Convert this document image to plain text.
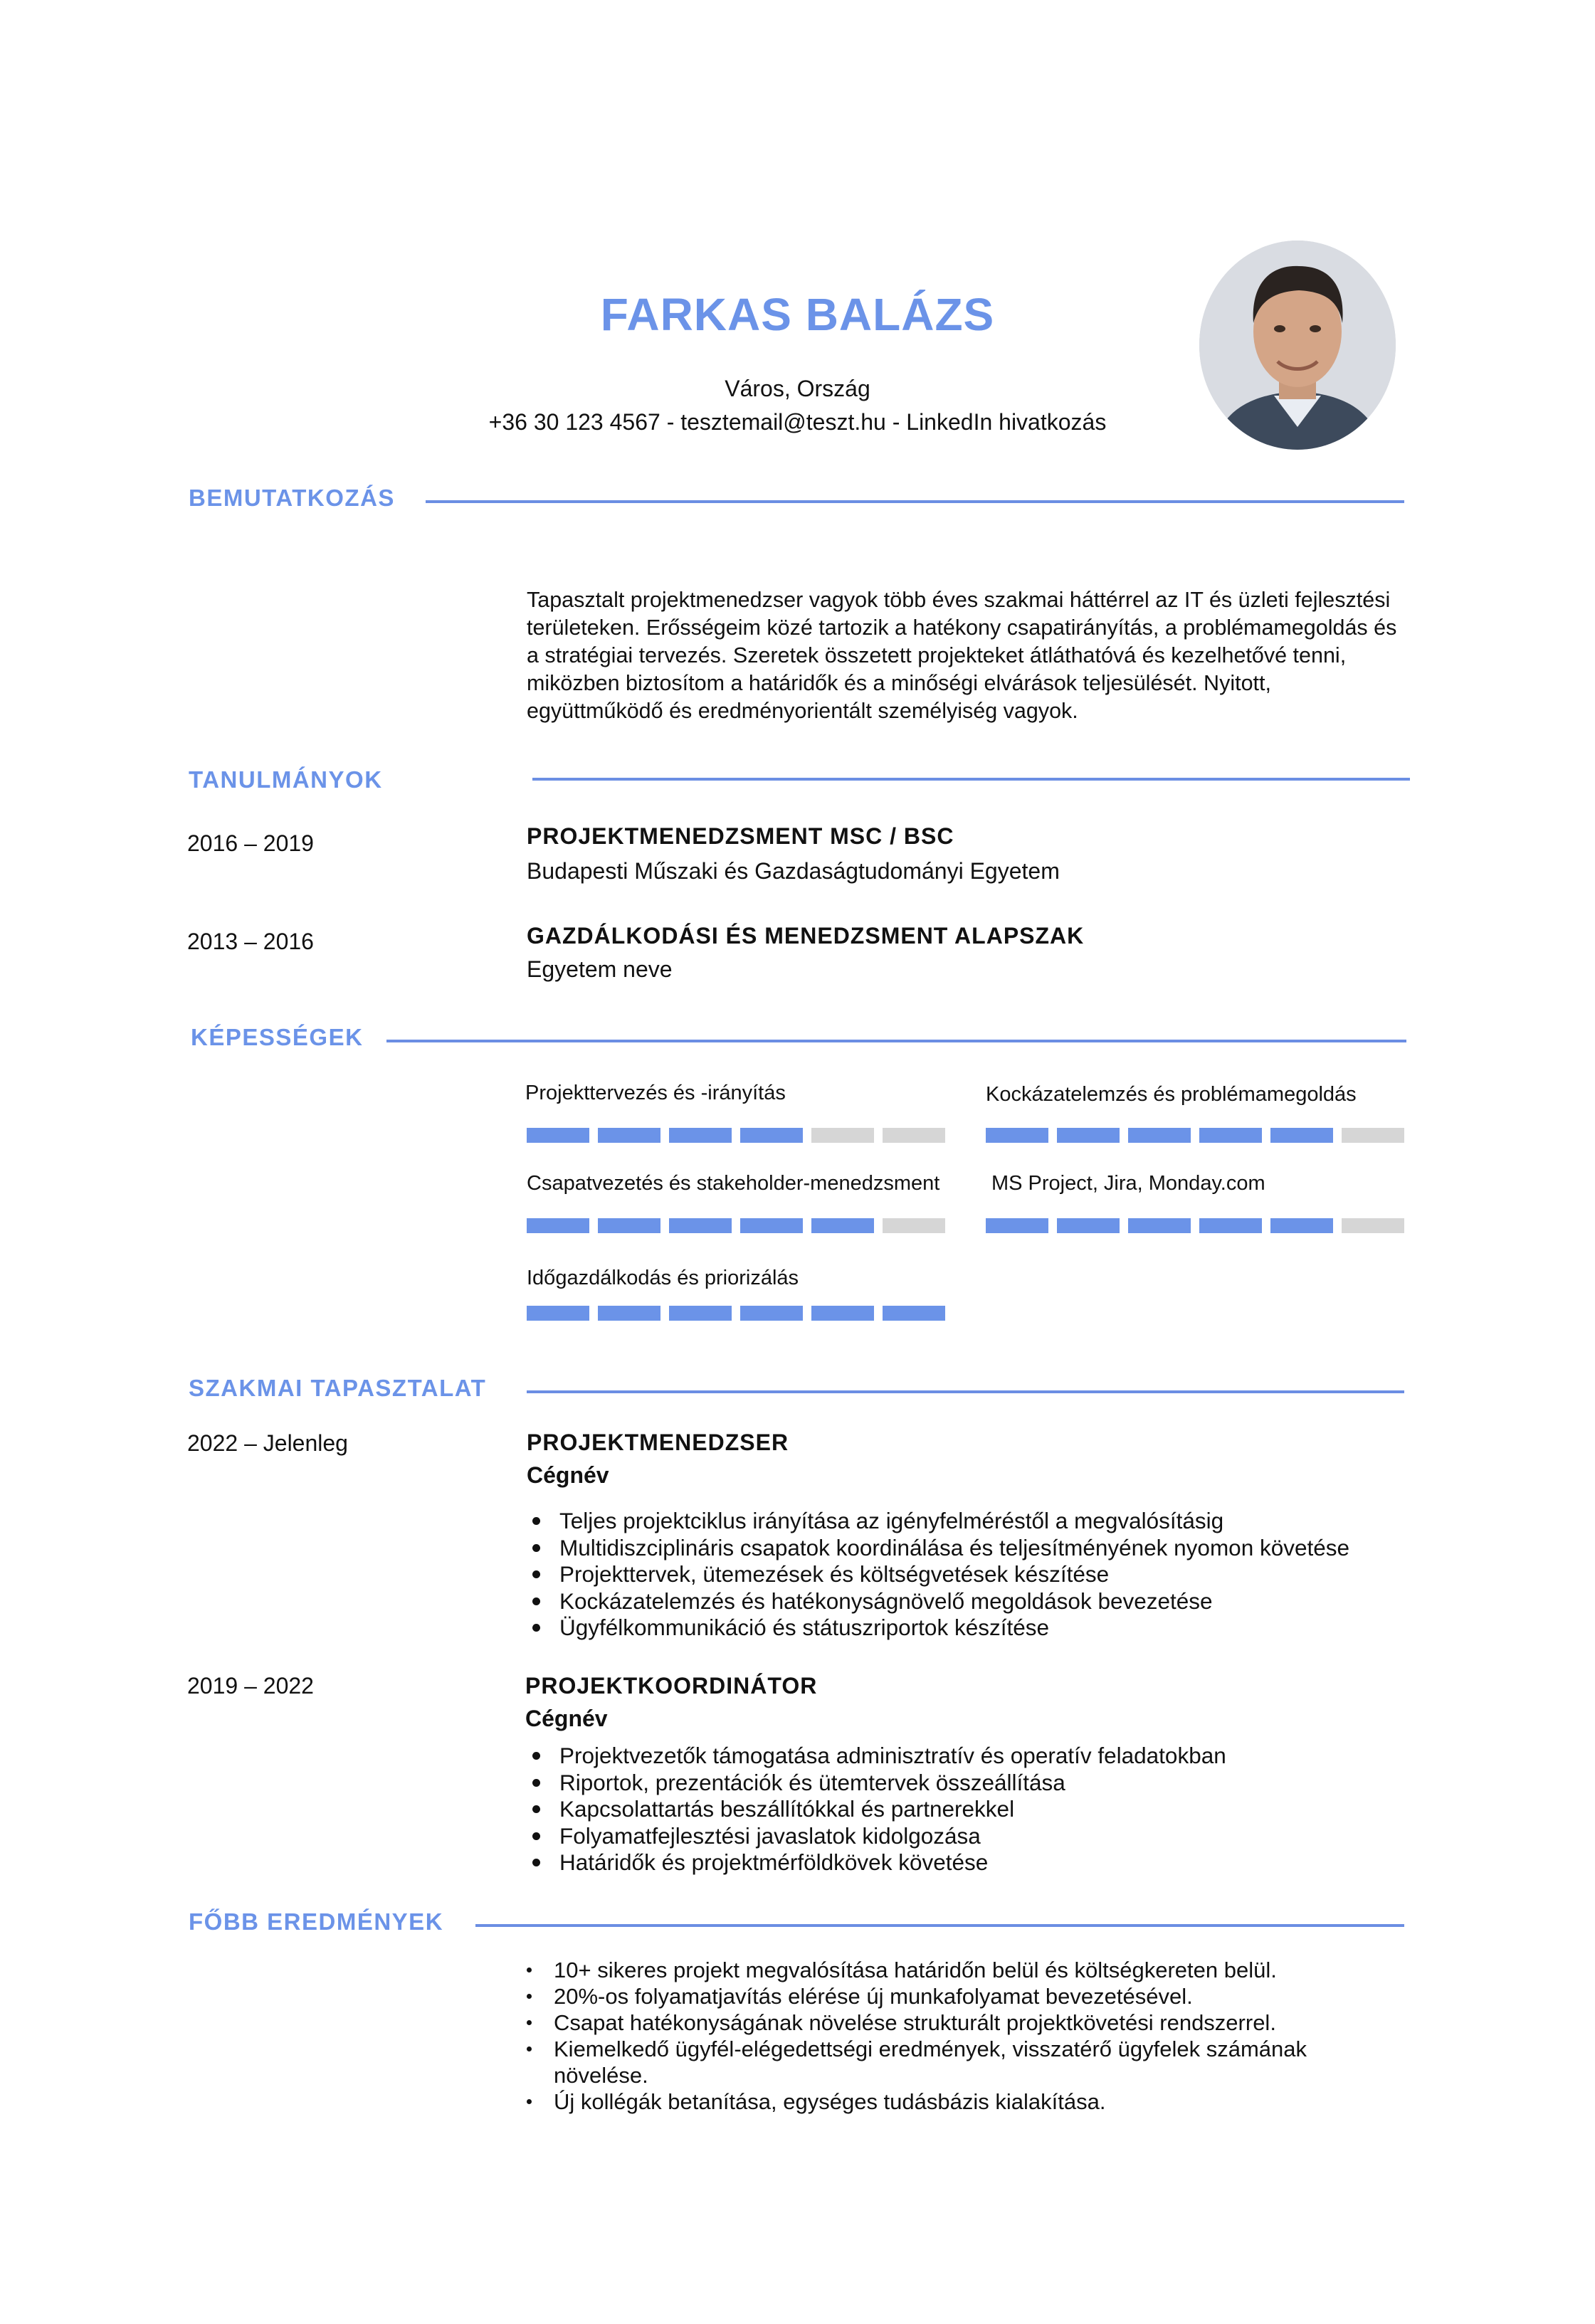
FARKAS BALÁZS
Város, Ország
+36 30 123 4567 - tesztemail@teszt.hu - LinkedIn hivatkozás
BEMUTATKOZÁS
Tapasztalt projektmenedzser vagyok több éves szakmai háttérrel az IT és üzleti fejlesztési területeken. Erősségeim közé tartozik a hatékony csapatirányítás, a problémamegoldás és a stratégiai tervezés. Szeretek összetett projekteket átláthatóvá és kezelhetővé tenni, miközben biztosítom a határidők és a minőségi elvárások teljesülését. Nyitott, együttműködő és eredményorientált személyiség vagyok.
TANULMÁNYOK
2016 – 2019	PROJEKTMENEDZSMENT MSC / BSC
Budapesti Műszaki és Gazdaságtudományi Egyetem
2013 – 2016	GAZDÁLKODÁSI ÉS MENEDZSMENT ALAPSZAK
Egyetem neve
KÉPESSÉGEK
Projekttervezés és -irányítás	Kockázatelemzés és problémamegoldás
Csapatvezetés és stakeholder-menedzsment	MS Project, Jira, Monday.com
Időgazdálkodás és priorizálás
SZAKMAI TAPASZTALAT
2022 – Jelenleg	PROJEKTMENEDZSER
Cégnév
Teljes projektciklus irányítása az igényfelméréstől a megvalósításig
Multidiszciplináris csapatok koordinálása és teljesítményének nyomon követése
Projekttervek, ütemezések és költségvetések készítése
Kockázatelemzés és hatékonyságnövelő megoldások bevezetése
Ügyfélkommunikáció és státuszriportok készítése
2019 – 2022	PROJEKTKOORDINÁTOR
Cégnév
Projektvezetők támogatása adminisztratív és operatív feladatokban
Riportok, prezentációk és ütemtervek összeállítása
Kapcsolattartás beszállítókkal és partnerekkel
Folyamatfejlesztési javaslatok kidolgozása
Határidők és projektmérföldkövek követése
FŐBB EREDMÉNYEK
10+ sikeres projekt megvalósítása határidőn belül és költségkereten belül.
20%-os folyamatjavítás elérése új munkafolyamat bevezetésével.
Csapat hatékonyságának növelése strukturált projektkövetési rendszerrel.
Kiemelkedő ügyfél-elégedettségi eredmények, visszatérő ügyfelek számának növelése.
Új kollégák betanítása, egységes tudásbázis kialakítása.
